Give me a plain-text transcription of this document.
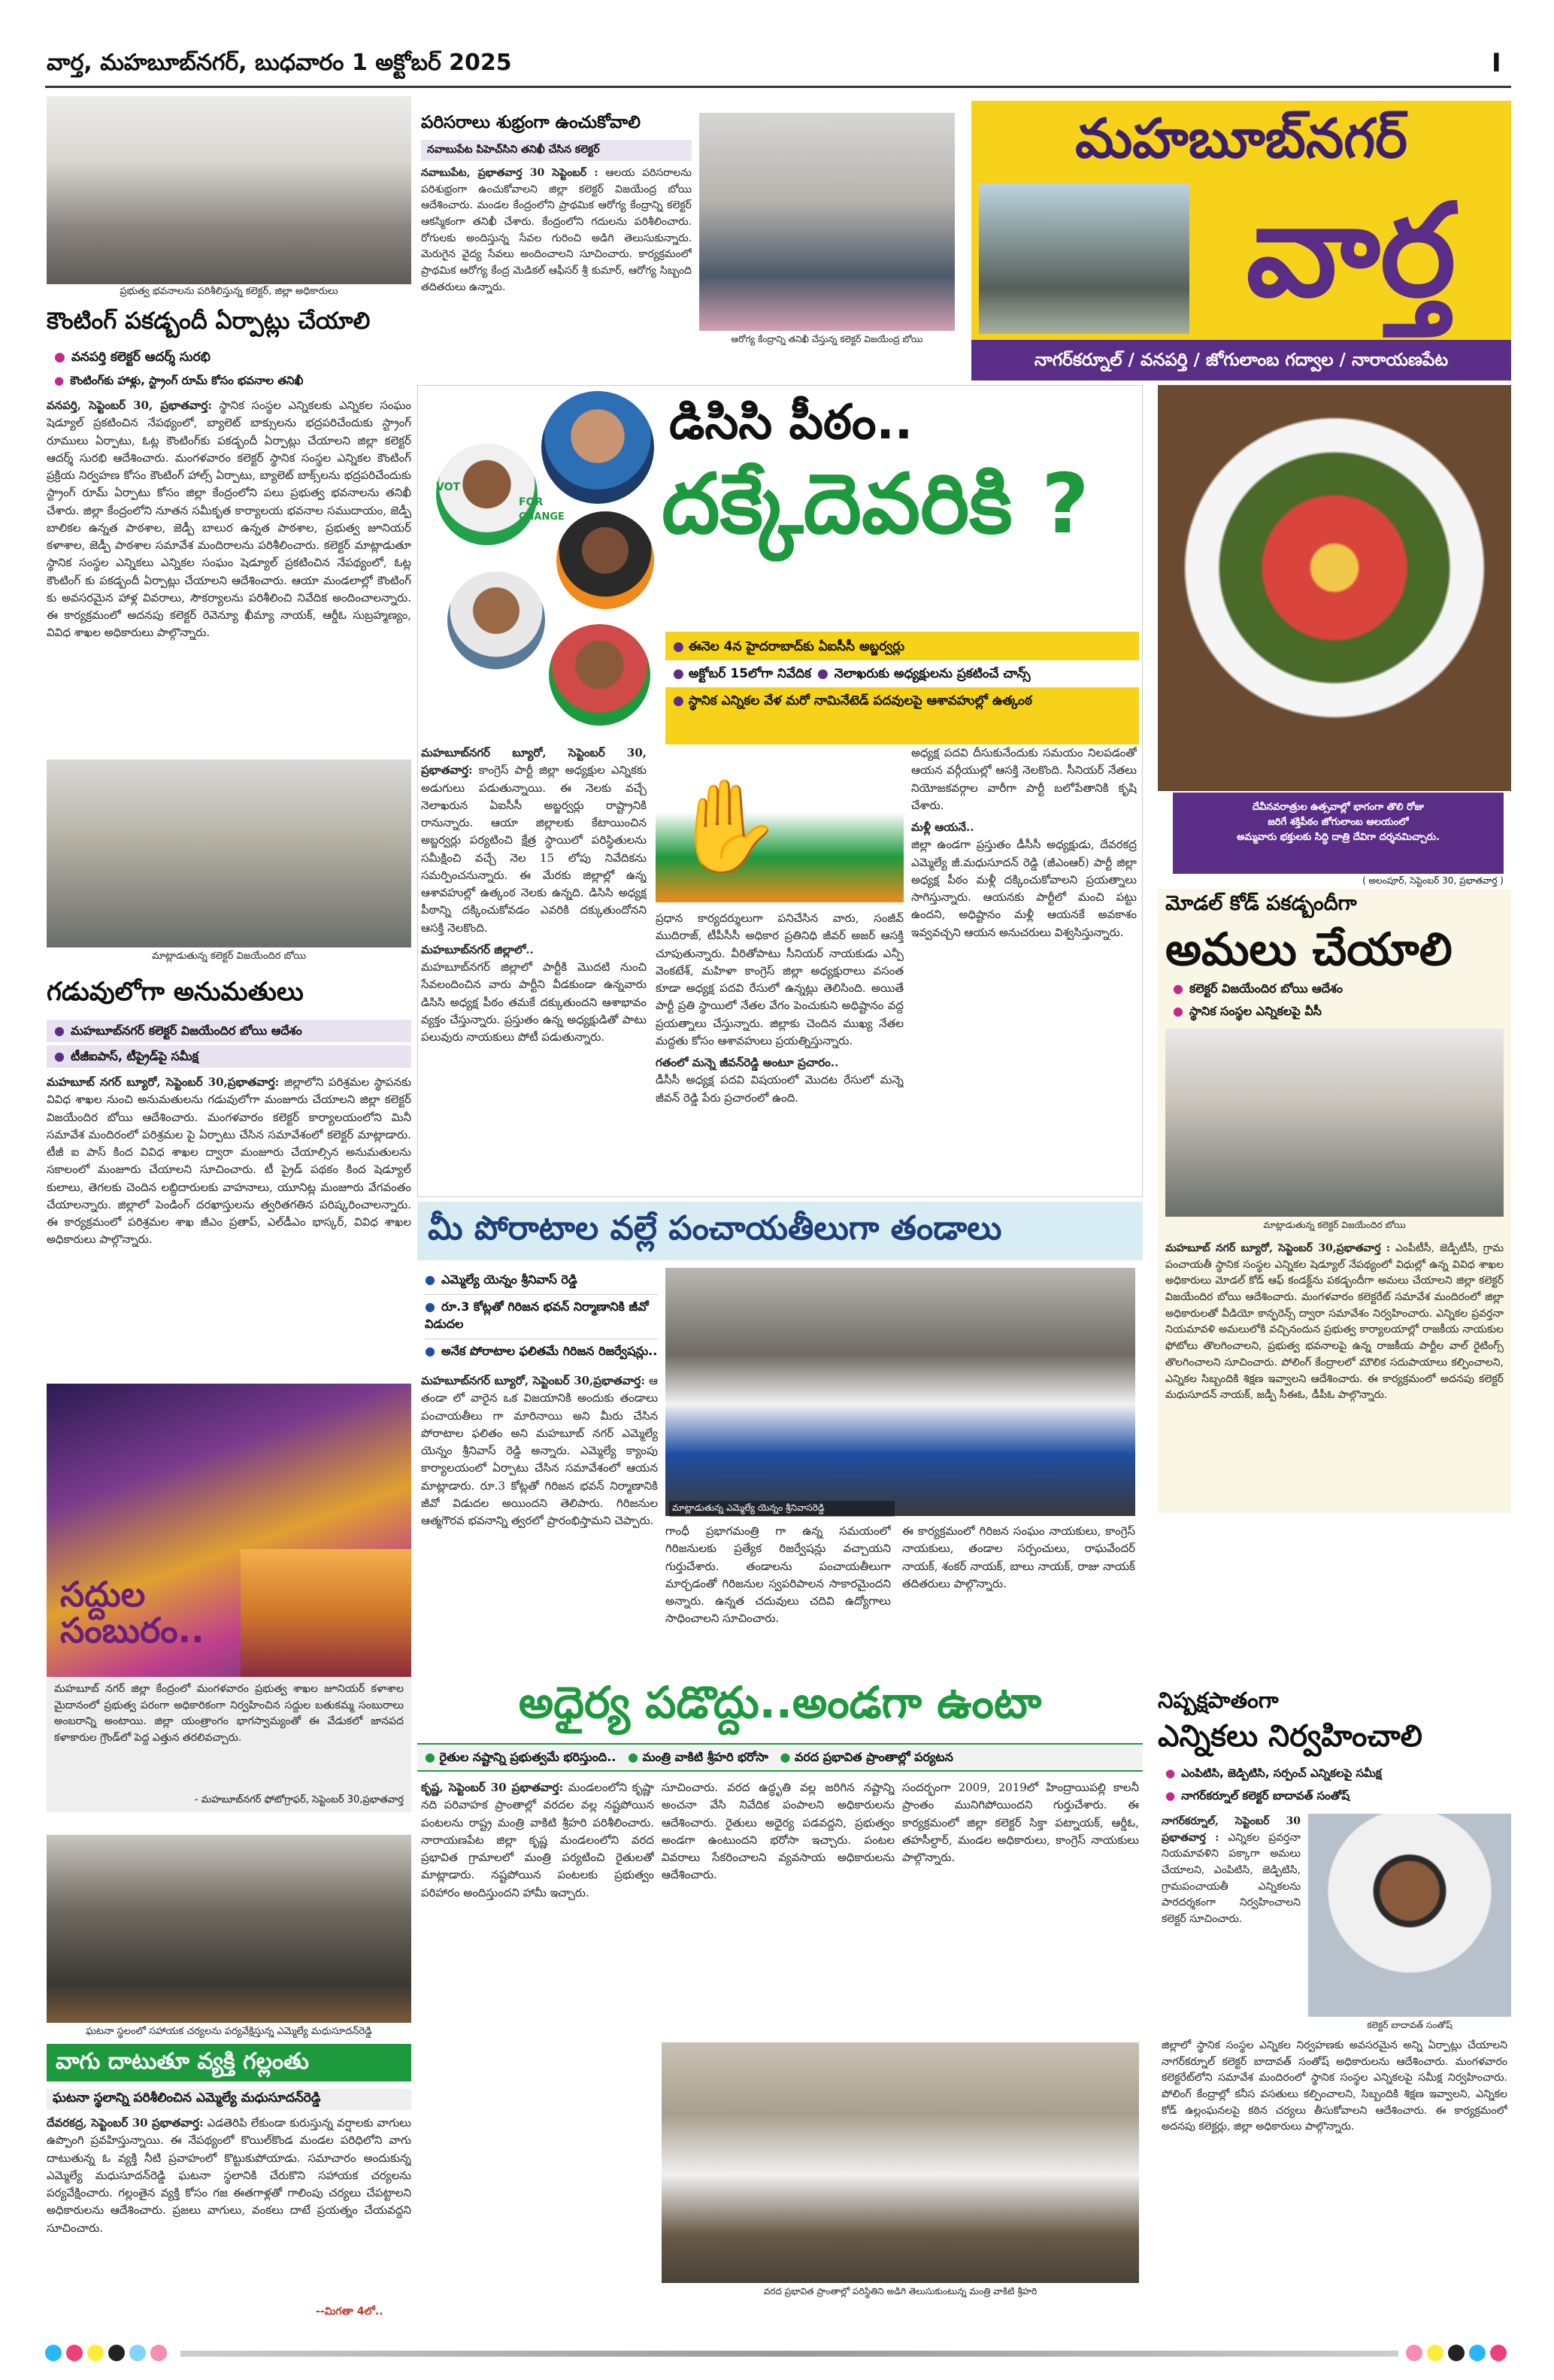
వార్త, మహబూబ్‌నగర్, బుధవారం 1 అక్టోబర్ 2025	I
ప్రభుత్వ భవనాలను పరిశీలిస్తున్న కలెక్టర్, జిల్లా అధికారులు
కౌంటింగ్ పకడ్బందీ ఏర్పాట్లు చేయాలి
● వనపర్తి కలెక్టర్ ఆదర్శ్ సురభి
● కౌంటింగ్‌కు హాళ్లు, స్ట్రాంగ్ రూమ్ కోసం భవనాల తనిఖీ
వనపర్తి, సెప్టెంబర్ 30, ప్రభాతవార్త: స్థానిక సంస్థల ఎన్నికలకు ఎన్నికల సంఘం షెడ్యూల్ ప్రకటించిన నేపథ్యంలో, బ్యాలెట్ బాక్సులను భద్రపరిచేందుకు స్ట్రాంగ్ రూములు ఏర్పాటు, ఓట్ల కౌంటింగ్‌కు పకడ్బందీ ఏర్పాట్లు చేయాలని జిల్లా కలెక్టర్ ఆదర్శ్ సురభి ఆదేశించారు. మంగళవారం కలెక్టర్ స్థానిక సంస్థల ఎన్నికల కౌంటింగ్ ప్రక్రియ నిర్వహణ కోసం కౌంటింగ్ హాల్స్ ఏర్పాటు, బ్యాలెట్ బాక్స్‌లను భద్రపరిచేందుకు స్ట్రాంగ్ రూమ్ ఏర్పాటు కోసం జిల్లా కేంద్రంలోని పలు ప్రభుత్వ భవనాలను తనిఖీ చేశారు. జిల్లా కేంద్రంలోని నూతన సమీకృత కార్యాలయ భవనాల సముదాయం, జెడ్పీ బాలికల ఉన్నత పాఠశాల, జెడ్పీ బాలుర ఉన్నత పాఠశాల, ప్రభుత్వ జూనియర్ కళాశాల, జెడ్పీ పాఠశాల సమావేశ మందిరాలను పరిశీలించారు. కలెక్టర్ మాట్లాడుతూ స్థానిక సంస్థల ఎన్నికలు ఎన్నికల సంఘం షెడ్యూల్ ప్రకటించిన నేపథ్యంలో, ఓట్ల కౌంటింగ్ కు పకడ్బందీ ఏర్పాట్లు చేయాలని ఆదేశించారు. ఆయా మండలాల్లో కౌంటింగ్ కు అవసరమైన హాళ్ల వివరాలు, సౌకర్యాలను పరిశీలించి నివేదిక అందించాలన్నారు. ఈ కార్యక్రమంలో అదనపు కలెక్టర్ రెవెన్యూ ఖీమ్యా నాయక్, ఆర్డీఓ సుబ్రహ్మణ్యం, వివిధ శాఖల అధికారులు పాల్గొన్నారు.
మాట్లాడుతున్న కలెక్టర్ విజయేందిర బోయి
గడువులోగా అనుమతులు
● మహబూబ్‌నగర్ కలెక్టర్ విజయేందిర బోయి ఆదేశం
● టీజీఐపాస్, టీప్రైడ్‌పై సమీక్ష
మహబూబ్ నగర్ బ్యూరో, సెప్టెంబర్ 30,ప్రభాతవార్త: జిల్లాలోని పరిశ్రమల స్థాపనకు వివిధ శాఖల నుంచి అనుమతులను గడువులోగా మంజూరు చేయాలని జిల్లా కలెక్టర్ విజయేందిర బోయి ఆదేశించారు. మంగళవారం కలెక్టర్ కార్యాలయంలోని మినీ సమావేశ మందిరంలో పరిశ్రమల పై ఏర్పాటు చేసిన సమావేశంలో కలెక్టర్ మాట్లాడారు. టీజీ ఐ పాస్ కింద వివిధ శాఖల ద్వారా మంజూరు చేయాల్సిన అనుమతులను సకాలంలో మంజూరు చేయాలని సూచించారు. టీ ప్రైడ్ పథకం కింద షెడ్యూల్ కులాలు, తెగలకు చెందిన లబ్ధిదారులకు వాహనాలు, యూనిట్ల మంజూరు వేగవంతం చేయాలన్నారు. జిల్లాలో పెండింగ్ దరఖాస్తులను త్వరితగతిన పరిష్కరించాలన్నారు. ఈ కార్యక్రమంలో పరిశ్రమల శాఖ జీఎం ప్రతాప్, ఎల్‌డీఎం భాస్కర్, వివిధ శాఖల అధికారులు పాల్గొన్నారు.
సద్దుల
సంబురం..
మహబూబ్ నగర్ జిల్లా కేంద్రంలో మంగళవారం ప్రభుత్వ శాఖల జూనియర్ కళాశాల మైదానంలో ప్రభుత్వ పరంగా అధికారికంగా నిర్వహించిన సద్దుల బతుకమ్మ సంబురాలు అంబరాన్ని అంటాయి. జిల్లా యంత్రాంగం భాగస్వామ్యంతో ఈ వేడుకలో జానపద కళాకారుల గ్రౌండ్‌లో పెద్ద ఎత్తున తరలివచ్చారు.
- మహబూబ్‌నగర్ ఫోటోగ్రాఫర్, సెప్టెంబర్ 30,ప్రభాతవార్త
ఘటనా స్థలంలో సహాయక చర్యలను పర్యవేక్షిస్తున్న ఎమ్మెల్యే మధుసూదన్‌రెడ్డి
వాగు దాటుతూ వ్యక్తి గల్లంతు
ఘటనా స్థలాన్ని పరిశీలించిన ఎమ్మెల్యే మధుసూదన్‌రెడ్డి
దేవరకద్ర, సెప్టెంబర్ 30 ప్రభాతవార్త: ఎడతెరిపి లేకుండా కురుస్తున్న వర్షాలకు వాగులు ఉప్పొంగి ప్రవహిస్తున్నాయి. ఈ నేపథ్యంలో కొయిల్‌కొండ మండల పరిధిలోని వాగు దాటుతున్న ఓ వ్యక్తి నీటి ప్రవాహంలో కొట్టుకుపోయాడు. సమాచారం అందుకున్న ఎమ్మెల్యే మధుసూదన్‌రెడ్డి ఘటనా స్థలానికి చేరుకొని సహాయక చర్యలను పర్యవేక్షించారు. గల్లంతైన వ్యక్తి కోసం గజ ఈతగాళ్లతో గాలింపు చర్యలు చేపట్టాలని అధికారులను ఆదేశించారు. ప్రజలు వాగులు, వంకలు దాటే ప్రయత్నం చేయవద్దని సూచించారు.
--మిగతా 4లో..
పరిసరాలు శుభ్రంగా ఉంచుకోవాలి
నవాబుపేట పిహెచ్‌సిని తనిఖీ చేసిన కలెక్టర్
నవాబుపేట, ప్రభాతవార్త 30 సెప్టెంబర్ : ఆలయ పరిసరాలను పరిశుభ్రంగా ఉంచుకోవాలని జిల్లా కలెక్టర్ విజయేంద్ర బోయి ఆదేశించారు. మండల కేంద్రంలోని ప్రాథమిక ఆరోగ్య కేంద్రాన్ని కలెక్టర్ ఆకస్మికంగా తనిఖీ చేశారు. కేంద్రంలోని గదులను పరిశీలించారు. రోగులకు అందిస్తున్న సేవల గురించి అడిగి తెలుసుకున్నారు. మెరుగైన వైద్య సేవలు అందించాలని సూచించారు. కార్యక్రమంలో ప్రాథమిక ఆరోగ్య కేంద్ర మెడికల్ ఆఫీసర్ శ్రీ కుమార్, ఆరోగ్య సిబ్బంది తదితరులు ఉన్నారు.
ఆరోగ్య కేంద్రాన్ని తనిఖీ చేస్తున్న కలెక్టర్ విజయేంద్ర బోయి
మహబూబ్‌నగర్
వార్త
నాగర్‌కర్నూల్ / వనపర్తి / జోగులాంబ గద్వాల / నారాయణపేట
FOR
VOT
CHANGE
డిసిసి పీఠం..
దక్కేదెవరికి ?
● ఈనెల 4న హైదరాబాద్‌కు ఏఐసీసీ అబ్జర్వర్లు
● అక్టోబర్ 15లోగా నివేదిక ● నెలాఖరుకు అధ్యక్షులను ప్రకటించే చాన్స్
● స్థానిక ఎన్నికల వేళ మరో నామినేటెడ్ పదవులపై ఆశావహుల్లో ఉత్కంఠ
మహబూబ్‌నగర్ బ్యూరో, సెప్టెంబర్ 30, ప్రభాతవార్త: కాంగ్రెస్ పార్టీ జిల్లా అధ్యక్షుల ఎన్నికకు అడుగులు పడుతున్నాయి. ఈ నెలకు వచ్చే నెలాఖరున ఏఐసీసీ అబ్జర్వర్లు రాష్ట్రానికి రానున్నారు. ఆయా జిల్లాలకు కేటాయించిన అబ్జర్వర్లు పర్యటించి క్షేత్ర స్థాయిలో పరిస్థితులను సమీక్షించి వచ్చే నెల 15 లోపు నివేదికను సమర్పించనున్నారు. ఈ మేరకు జిల్లాల్లో ఉన్న ఆశావహుల్లో ఉత్కంఠ నెలకు ఉన్నది. డిసిసి అధ్యక్ష పీఠాన్ని దక్కించుకోవడం ఎవరికి దక్కుతుందోనని ఆసక్తి నెలకొంది.
మహబూబ్‌నగర్ జిల్లాలో..
మహబూబ్‌నగర్ జిల్లాలో పార్టీకి మొదటి నుంచి సేవలందించిన వారు పార్టీని వీడకుండా ఉన్నవారు డిసిసి అధ్యక్ష పీఠం తమకే దక్కుతుందని ఆశాభావం వ్యక్తం చేస్తున్నారు. ప్రస్తుతం ఉన్న అధ్యక్షుడితో పాటు పలువురు నాయకులు పోటీ పడుతున్నారు.
✋
ప్రధాన కార్యదర్శులుగా పనిచేసిన వారు, సంజీవ్ ముదిరాజ్, టీపీసీసీ అధికార ప్రతినిధి జీవర్ అజర్ ఆసక్తి చూపుతున్నారు. వీరితోపాటు సీనియర్ నాయకుడు ఎన్పీ వెంకటేశ్, మహిళా కాంగ్రెస్ జిల్లా అధ్యక్షురాలు వసంత కూడా అధ్యక్ష పదవి రేసులో ఉన్నట్లు తెలిసింది. అయితే పార్టీ ప్రతి స్థాయిలో నేతల వేగం పెంచుకుని అధిష్టానం వద్ద ప్రయత్నాలు చేస్తున్నారు. జిల్లాకు చెందిన ముఖ్య నేతల మద్దతు కోసం ఆశావహులు ప్రయత్నిస్తున్నారు.
గతంలో మన్నె జీవన్‌రెడ్డి అంటూ ప్రచారం..
డీసీసీ అధ్యక్ష పదవి విషయంలో మొదట రేసులో మన్నె జీవన్ రెడ్డి పేరు ప్రచారంలో ఉంది.
అధ్యక్ష పదవి దీసుకునేందుకు సమయం నిలపడంతో ఆయన వర్గీయుల్లో ఆసక్తి నెలకొంది. సీనియర్ నేతలు నియోజకవర్గాల వారీగా పార్టీ బలోపేతానికి కృషి చేశారు.
మళ్లీ ఆయనే..
జిల్లా ఉండగా ప్రస్తుతం డీసీసీ అధ్యక్షుడు, దేవరకద్ర ఎమ్మెల్యే జీ.మధుసూదన్ రెడ్డి (జీఎంఆర్) పార్టీ జిల్లా అధ్యక్ష పీఠం మళ్లీ దక్కించుకోవాలని ప్రయత్నాలు సాగిస్తున్నారు. ఆయనకు పార్టీలో మంచి పట్టు ఉందని, అధిష్టానం మళ్లీ ఆయనకే అవకాశం ఇవ్వవచ్చని ఆయన అనుచరులు విశ్వసిస్తున్నారు.
దేవీనవరాత్రుల ఉత్సవాల్లో భాగంగా తొలి రోజు
జరిగే శక్తిపీఠం జోగులాంబ ఆలయంలో
అమ్మవారు భక్తులకు సిద్ధి దాత్రి దేవిగా దర్శనమిచ్చారు.
( అలంపూర్, సెప్టెంబర్ 30, ప్రభాతవార్త )
మోడల్ కోడ్ పకడ్బందీగా
అమలు చేయాలి
● కలెక్టర్ విజయేందిర బోయి ఆదేశం
● స్థానిక సంస్థల ఎన్నికలపై వీసీ
మాట్లాడుతున్న కలెక్టర్ విజయేందిర బోయి
మహబూబ్ నగర్ బ్యూరో, సెప్టెంబర్ 30,ప్రభాతవార్త : ఎంపీటీసీ, జెడ్పీటీసీ, గ్రామ పంచాయతీ స్థానిక సంస్థల ఎన్నికల షెడ్యూల్ నేపథ్యంలో విధుల్లో ఉన్న వివిధ శాఖల అధికారులు మోడల్ కోడ్ ఆఫ్ కండక్ట్‌ను పకడ్బందీగా అమలు చేయాలని జిల్లా కలెక్టర్ విజయేందిర బోయి ఆదేశించారు. మంగళవారం కలెక్టరేట్ సమావేశ మందిరంలో జిల్లా అధికారులతో వీడియో కాన్ఫరెన్స్ ద్వారా సమావేశం నిర్వహించారు. ఎన్నికల ప్రవర్తనా నియమావళి అమలులోకి వచ్చినందున ప్రభుత్వ కార్యాలయాల్లో రాజకీయ నాయకుల ఫోటోలు తొలగించాలని, ప్రభుత్వ భవనాలపై ఉన్న రాజకీయ పార్టీల వాల్ రైటింగ్స్ తొలగించాలని సూచించారు. పోలింగ్ కేంద్రాలలో మౌలిక సదుపాయాలు కల్పించాలని, ఎన్నికల సిబ్బందికి శిక్షణ ఇవ్వాలని ఆదేశించారు. ఈ కార్యక్రమంలో అదనపు కలెక్టర్ మధుసూదన్ నాయక్, జడ్పీ సీఈఓ, డీపీఓ పాల్గొన్నారు.
మీ పోరాటాల వల్లే పంచాయతీలుగా తండాలు
● ఎమ్మెల్యే యెన్నం శ్రీనివాస్ రెడ్డి
● రూ.3 కోట్లతో గిరిజన భవన్ నిర్మాణానికి జీవో విడుదల
● అనేక పోరాటాల ఫలితమే గిరిజన రిజర్వేషన్లు..
మాట్లాడుతున్న ఎమ్మెల్యే యెన్నం శ్రీనివాసరెడ్డి
మహబూబ్‌నగర్ బ్యూరో, సెప్టెంబర్ 30,ప్రభాతవార్త: ఆ తండా లో వారైన ఒక విజయానికి అందుకు తండాలు పంచాయతీలు గా మారినాయి అని మీరు చేసిన పోరాటాల ఫలితం అని మహబూబ్ నగర్ ఎమ్మెల్యే యెన్నం శ్రీనివాస్ రెడ్డి అన్నారు. ఎమ్మెల్యే క్యాంపు కార్యాలయంలో ఏర్పాటు చేసిన సమావేశంలో ఆయన మాట్లాడారు. రూ.3 కోట్లతో గిరిజన భవన్ నిర్మాణానికి జీవో విడుదల అయిందని తెలిపారు. గిరిజనుల ఆత్మగౌరవ భవనాన్ని త్వరలో ప్రారంభిస్తామని చెప్పారు.
గాంధీ ప్రభాగమంత్రి గా ఉన్న సమయంలో గిరిజనులకు ప్రత్యేక రిజర్వేషన్లు వచ్చాయని గుర్తుచేశారు. తండాలను పంచాయతీలుగా మార్చడంతో గిరిజనుల స్వపరిపాలన సాకారమైందని అన్నారు. ఉన్నత చదువులు చదివి ఉద్యోగాలు సాధించాలని సూచించారు.
ఈ కార్యక్రమంలో గిరిజన సంఘం నాయకులు, కాంగ్రెస్ నాయకులు, తండాల సర్పంచులు, రాఘవేందర్ నాయక్, శంకర్ నాయక్, బాలు నాయక్, రాజు నాయక్ తదితరులు పాల్గొన్నారు.
అధైర్య పడొద్దు..అండగా ఉంటా
● రైతుల నష్టాన్ని ప్రభుత్వమే భరిస్తుంది.. ● మంత్రి వాకిటి శ్రీహరి భరోసా ● వరద ప్రభావిత ప్రాంతాల్లో పర్యటన
కృష్ణ, సెప్టెంబర్ 30 ప్రభాతవార్త: మండలంలోని కృష్ణా నది పరివాహక ప్రాంతాల్లో వరదల వల్ల నష్టపోయిన పంటలను రాష్ట్ర మంత్రి వాకిటి శ్రీహరి పరిశీలించారు. నారాయణపేట జిల్లా కృష్ణ మండలంలోని వరద ప్రభావిత గ్రామాలలో మంత్రి పర్యటించి రైతులతో మాట్లాడారు. నష్టపోయిన పంటలకు ప్రభుత్వం పరిహారం అందిస్తుందని హామీ ఇచ్చారు.
సూచించారు. వరద ఉద్ధృతి వల్ల జరిగిన నష్టాన్ని అంచనా వేసి నివేదిక పంపాలని అధికారులను ఆదేశించారు. రైతులు అధైర్య పడవద్దని, ప్రభుత్వం అండగా ఉంటుందని భరోసా ఇచ్చారు. పంటల వివరాలు సేకరించాలని వ్యవసాయ అధికారులను ఆదేశించారు.
సందర్భంగా 2009, 2019లో హింద్రాయిపల్లి కాలనీ ప్రాంతం మునిగిపోయిందని గుర్తుచేశారు. ఈ కార్యక్రమంలో జిల్లా కలెక్టర్ సిక్తా పట్నాయక్, ఆర్డీఓ, తహసీల్దార్, మండల అధికారులు, కాంగ్రెస్ నాయకులు పాల్గొన్నారు.
వరద ప్రభావిత ప్రాంతాల్లో పరిస్థితిని అడిగి తెలుసుకుంటున్న మంత్రి వాకిటి శ్రీహరి
నిష్పక్షపాతంగా
ఎన్నికలు నిర్వహించాలి
● ఎంపిటిసి, జెడ్పిటిసి, సర్పంచ్ ఎన్నికలపై సమీక్ష
● నాగర్‌కర్నూల్ కలెక్టర్ బాదావత్ సంతోష్
నాగర్‌కర్నూల్, సెప్టెంబర్ 30 ప్రభాతవార్త : ఎన్నికల ప్రవర్తనా నియమావళిని పక్కాగా అమలు చేయాలని, ఎంపిటిసి, జెడ్పిటిసి, గ్రామపంచాయతీ ఎన్నికలను పారదర్శకంగా నిర్వహించాలని కలెక్టర్ సూచించారు.
కలెక్టర్ బాదావత్ సంతోష్
జిల్లాలో స్థానిక సంస్థల ఎన్నికల నిర్వహణకు అవసరమైన అన్ని ఏర్పాట్లు చేయాలని నాగర్‌కర్నూల్ కలెక్టర్ బాదావత్ సంతోష్ అధికారులను ఆదేశించారు. మంగళవారం కలెక్టరేట్‌లోని సమావేశ మందిరంలో స్థానిక సంస్థల ఎన్నికలపై సమీక్ష నిర్వహించారు. పోలింగ్ కేంద్రాల్లో కనీస వసతులు కల్పించాలని, సిబ్బందికి శిక్షణ ఇవ్వాలని, ఎన్నికల కోడ్ ఉల్లంఘనలపై కఠిన చర్యలు తీసుకోవాలని ఆదేశించారు. ఈ కార్యక్రమంలో అదనపు కలెక్టర్లు, జిల్లా అధికారులు పాల్గొన్నారు.
